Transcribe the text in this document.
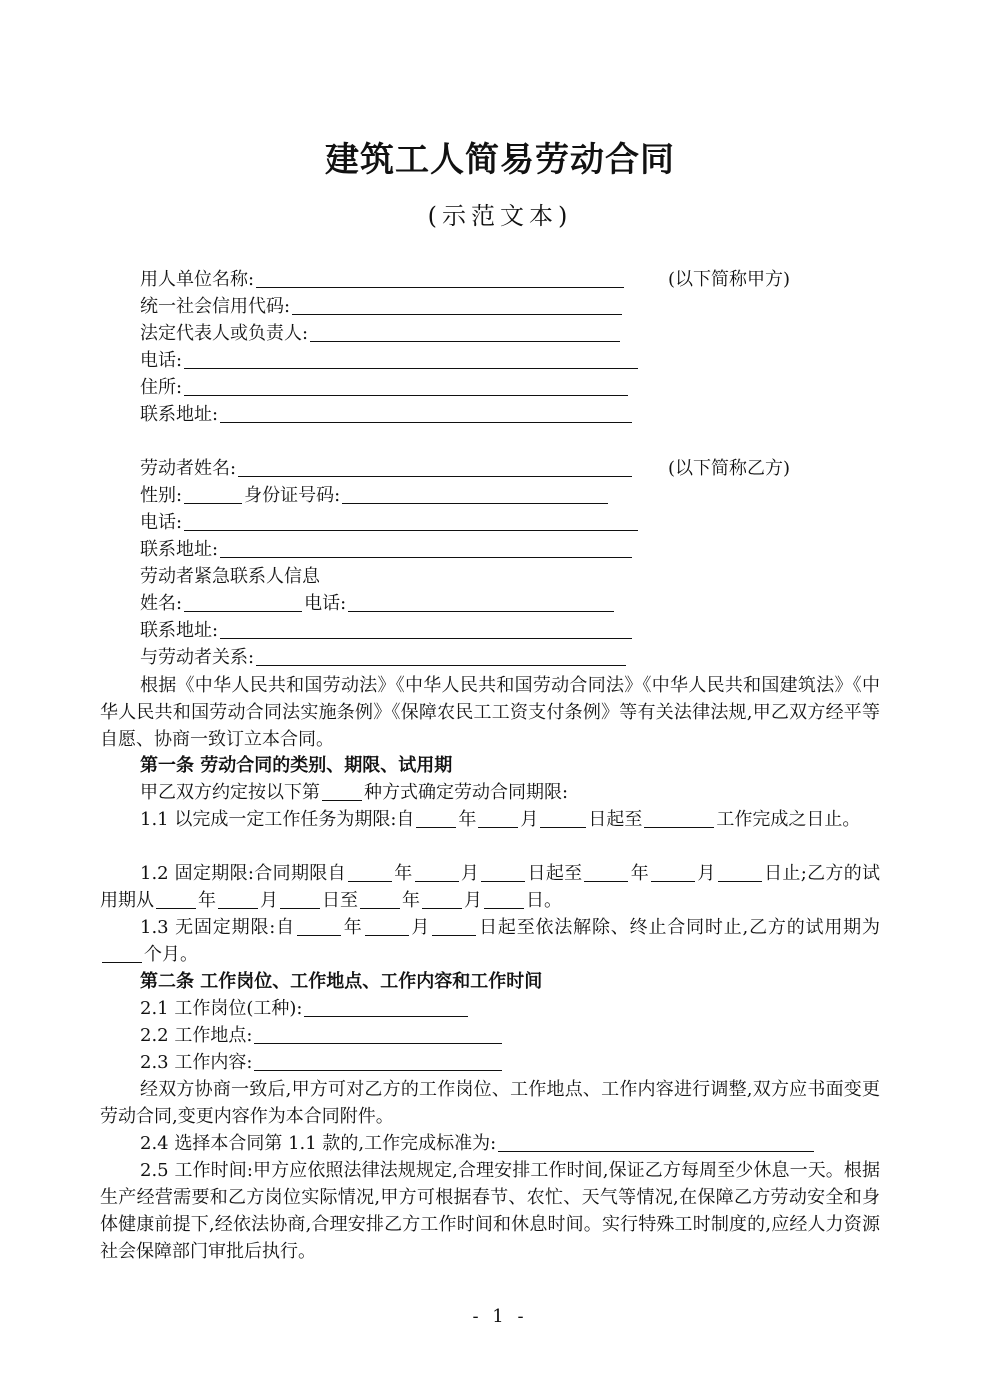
建筑工人简易劳动合同
(示范文本)
用人单位名称:	(以下简称甲方)
统一社会信用代码:
法定代表人或负责人:
电话:
住所:
联系地址:
劳动者姓名:	(以下简称乙方)
性别:	身份证号码:
电话:
联系地址:
劳动者紧急联系人信息
姓名:	电话:
联系地址:
与劳动者关系:
根据《中华人民共和国劳动法》《中华人民共和国劳动合同法》《中华人民共和国建筑法》《中华人民共和国劳动合同法实施条例》《保障农民工工资支付条例》等有关法律法规,甲乙双方经平等自愿、协商一致订立本合同。
第一条 劳动合同的类别、期限、试用期
甲乙双方约定按以下第 种方式确定劳动合同期限:
1.1 以完成一定工作任务为期限:自 年 月	日起至	工作完成之日止。
1.2 固定期限:合同期限自	年	月	日起至	年	月	日止;乙方的试用期从 年 月 日至 年 月 日。
1.3 无固定期限:自	年	月	日起至依法解除、终止合同时止,乙方的试用期为个月。
第二条 工作岗位、工作地点、工作内容和工作时间
2.1 工作岗位(工种):
2.2 工作地点:
2.3 工作内容:
经双方协商一致后,甲方可对乙方的工作岗位、工作地点、工作内容进行调整,双方应书面变更劳动合同,变更内容作为本合同附件。
2.4 选择本合同第 1.1 款的,工作完成标准为:
2.5 工作时间:甲方应依照法律法规规定,合理安排工作时间,保证乙方每周至少休息一天。根据生产经营需要和乙方岗位实际情况,甲方可根据春节、农忙、天气等情况,在保障乙方劳动安全和身体健康前提下,经依法协商,合理安排乙方工作时间和休息时间。实行特殊工时制度的,应经人力资源社会保障部门审批后执行。
- 1 -
